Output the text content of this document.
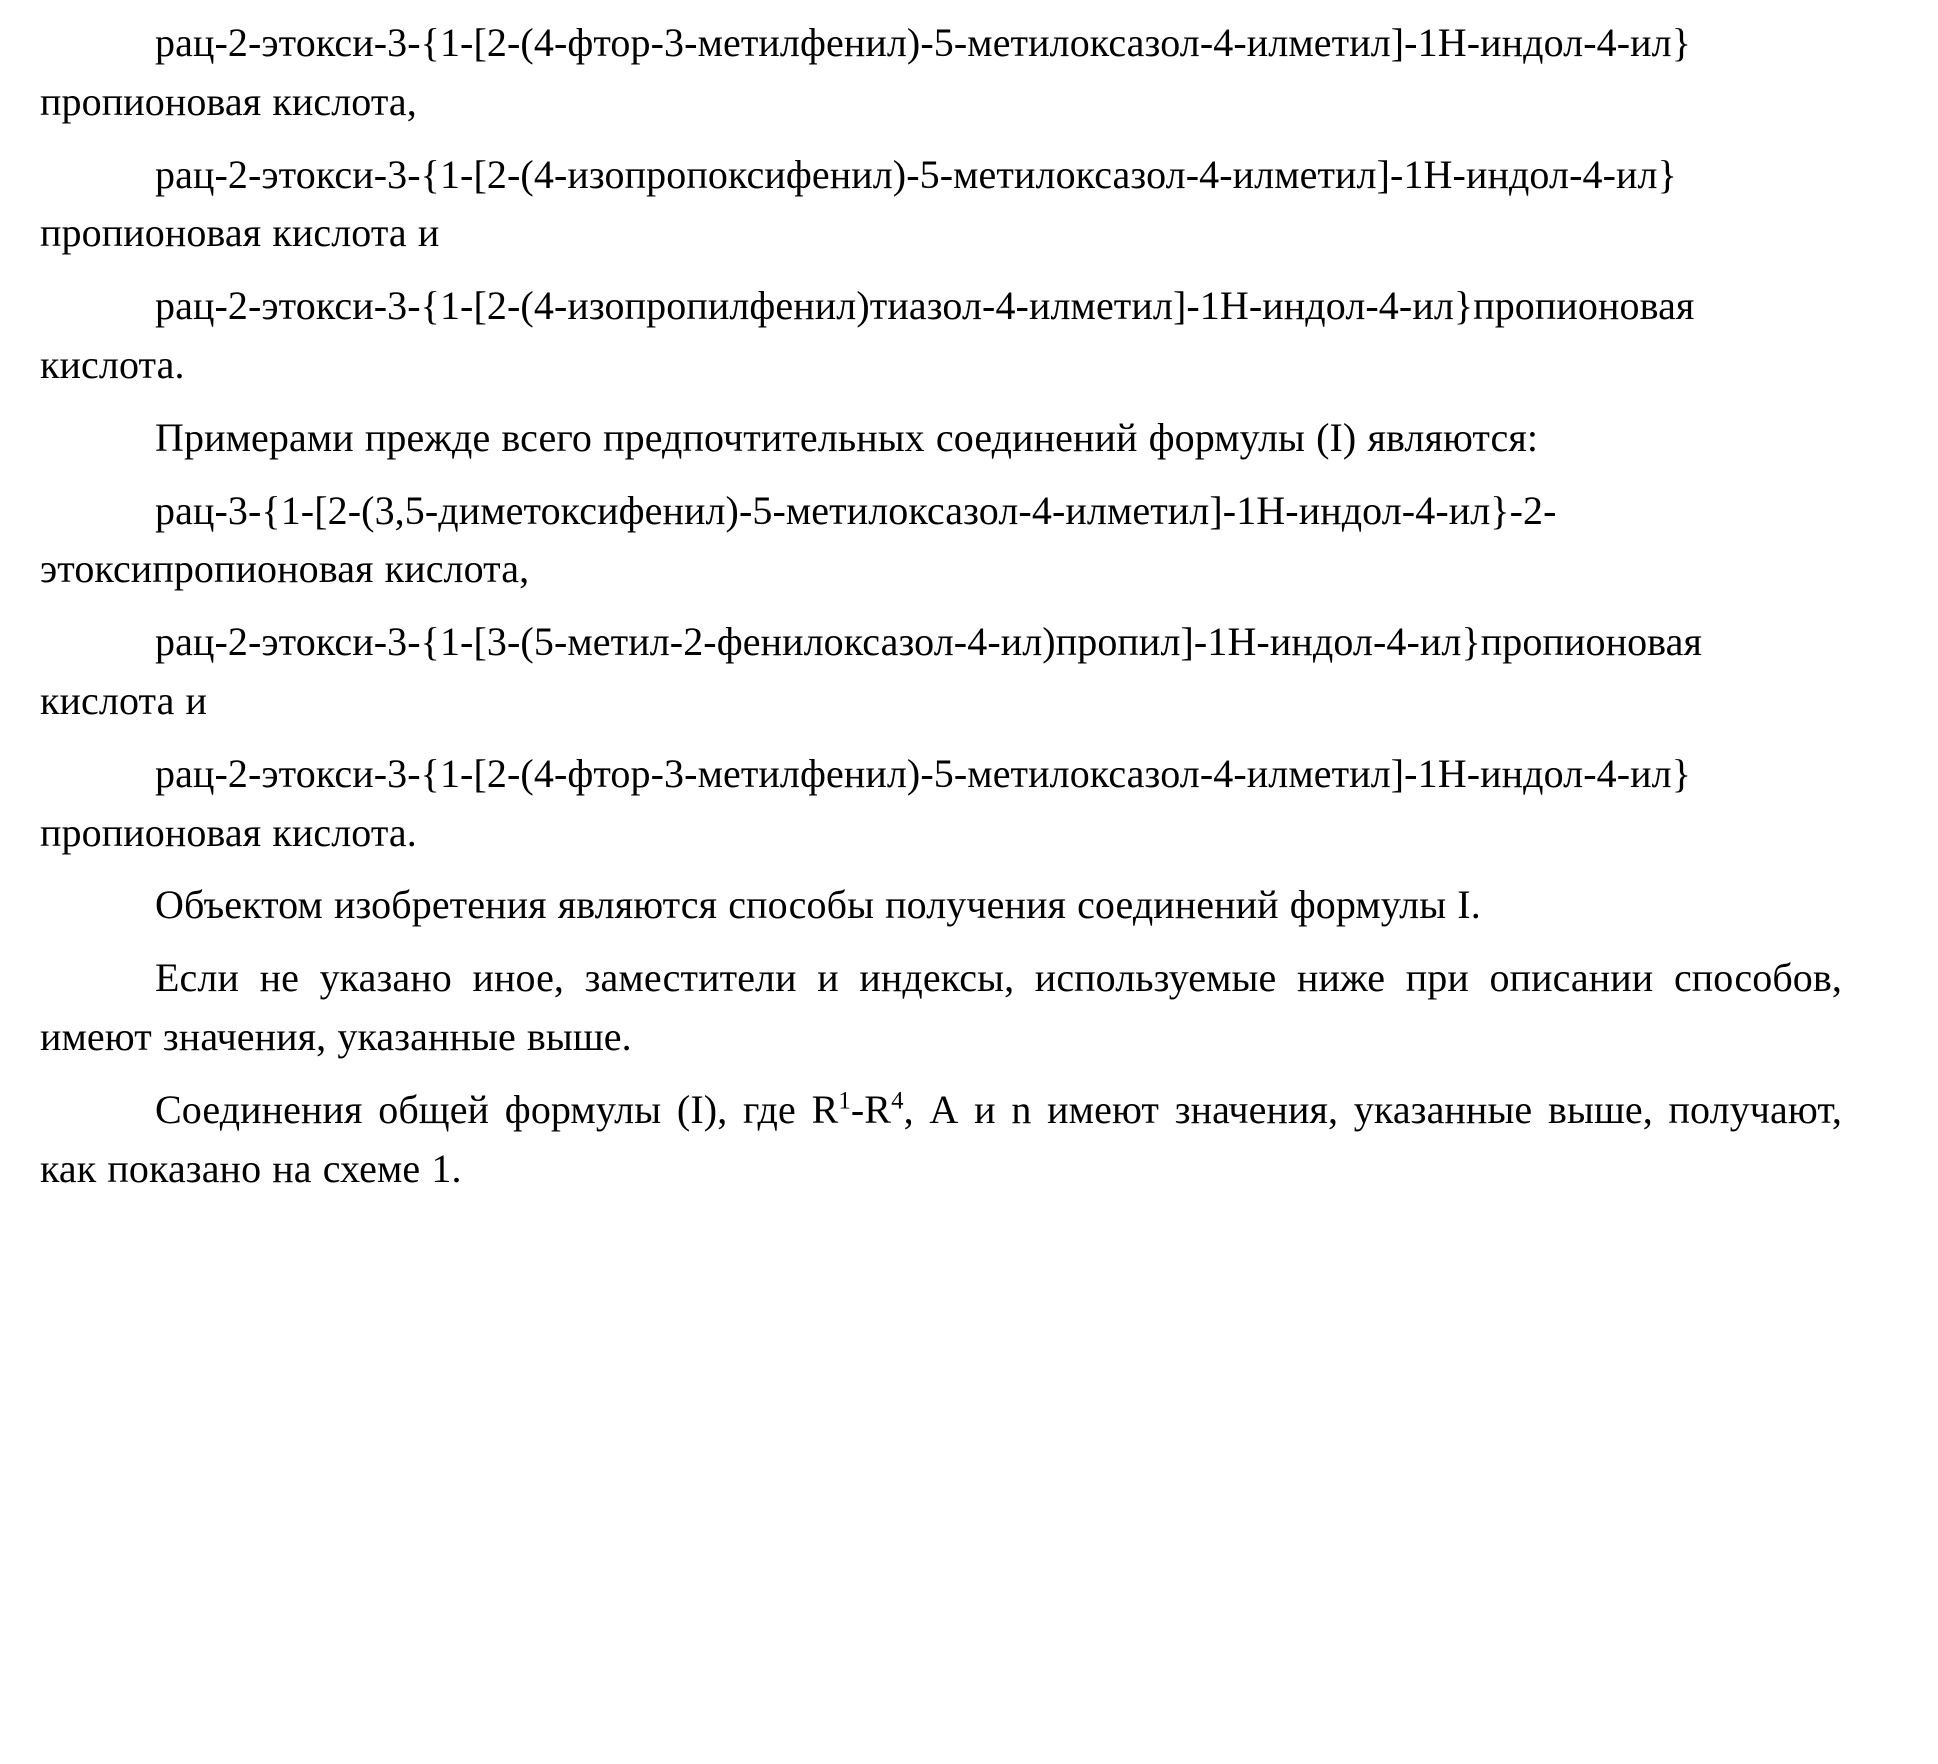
рац-2-этокси-3-{1-[2-(4-фтор-3-метилфенил)-5-метилоксазол-4-илметил]-1Н-индол-4-ил}пропионовая кислота,

рац-2-этокси-3-{1-[2-(4-изопропоксифенил)-5-метилоксазол-4-илметил]-1Н-индол-4-ил}пропионовая кислота и

рац-2-этокси-3-{1-[2-(4-изопропилфенил)тиазол-4-илметил]-1Н-индол-4-ил}пропионовая кислота.

Примерами прежде всего предпочтительных соединений формулы (I) являются:

рац-3-{1-[2-(3,5-диметоксифенил)-5-метилоксазол-4-илметил]-1Н-индол-4-ил}-2-этоксипропионовая кислота,

рац-2-этокси-3-{1-[3-(5-метил-2-фенилоксазол-4-ил)пропил]-1Н-индол-4-ил}пропионовая кислота и

рац-2-этокси-3-{1-[2-(4-фтор-3-метилфенил)-5-метилоксазол-4-илметил]-1Н-индол-4-ил}пропионовая кислота.

Объектом изобретения являются способы получения соединений формулы I.

Если не указано иное, заместители и индексы, используемые ниже при описании способов, имеют значения, указанные выше.

Соединения общей формулы (I), где $R^1-R^4$, А и n имеют значения, указанные выше, получают, как показано на схеме 1.
